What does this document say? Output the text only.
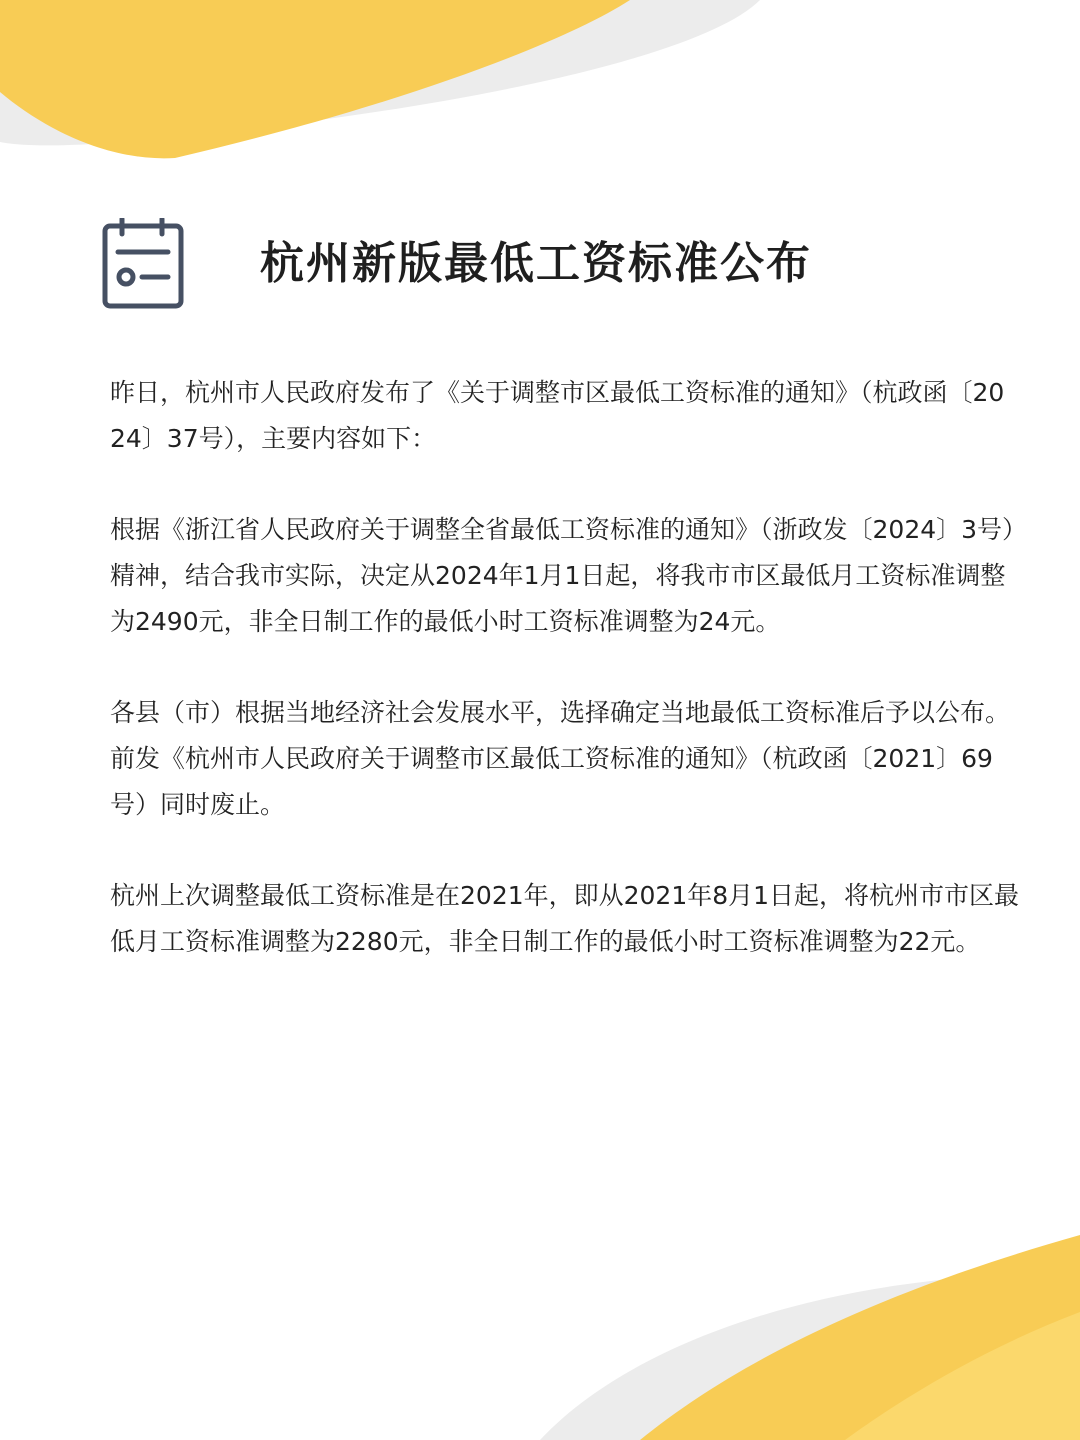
杭州新版最低工资标准公布

昨日，杭州市人民政府发布了《关于调整市区最低工资标准的通知》（杭政函〔2024〕37号），主要内容如下：

根据《浙江省人民政府关于调整全省最低工资标准的通知》（浙政发〔2024〕3号）精神，结合我市实际，决定从2024年1月1日起，将我市市区最低月工资标准调整为2490元，非全日制工作的最低小时工资标准调整为24元。

各县（市）根据当地经济社会发展水平，选择确定当地最低工资标准后予以公布。前发《杭州市人民政府关于调整市区最低工资标准的通知》（杭政函〔2021〕69号）同时废止。

杭州上次调整最低工资标准是在2021年，即从2021年8月1日起，将杭州市市区最低月工资标准调整为2280元，非全日制工作的最低小时工资标准调整为22元。
